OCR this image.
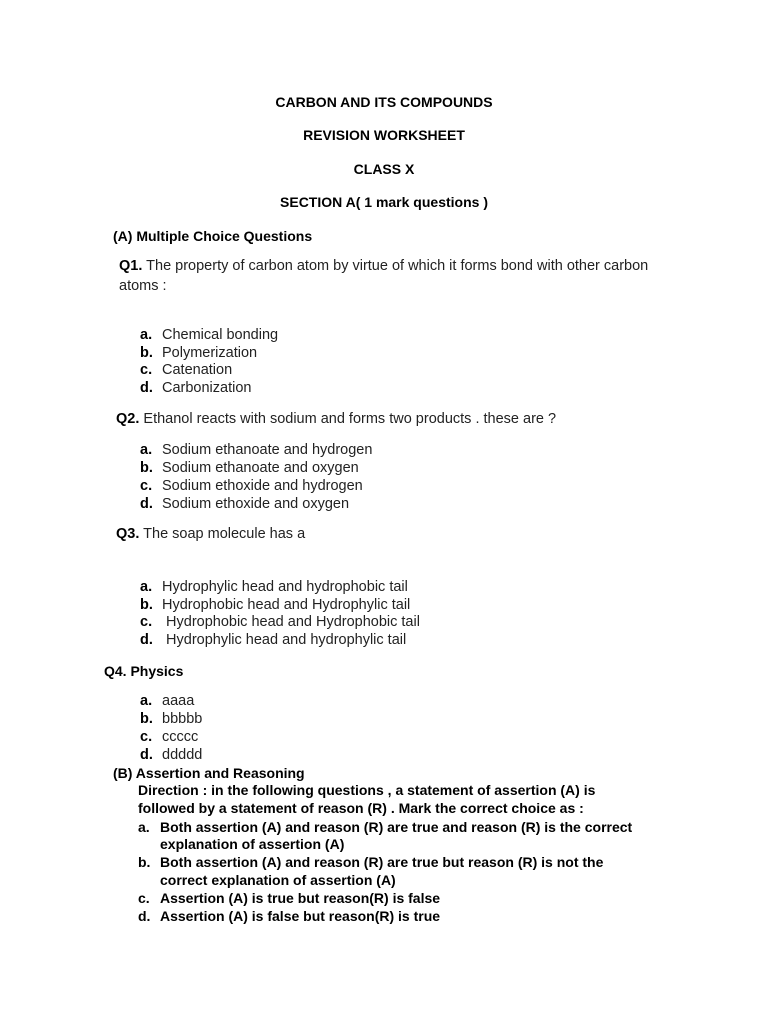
CARBON AND ITS COMPOUNDS
REVISION WORKSHEET
CLASS X
SECTION A( 1 mark questions )
(A) Multiple Choice Questions
Q1. The property of carbon atom by virtue of which it forms bond with other carbon
atoms :
a. Chemical bonding
b. Polymerization
c. Catenation
d. Carbonization
Q2. Ethanol reacts with sodium and forms two products . these are ?
a. Sodium ethanoate and hydrogen
b. Sodium ethanoate and oxygen
c. Sodium ethoxide and hydrogen
d. Sodium ethoxide and oxygen
Q3. The soap molecule has a
a. Hydrophylic head and hydrophobic tail
b. Hydrophobic head and Hydrophylic tail
c. Hydrophobic head and Hydrophobic tail
d. Hydrophylic head and hydrophylic tail
Q4. Physics
a. aaaa
b. bbbbb
c. ccccc
d. ddddd
(B) Assertion and Reasoning
Direction : in the following questions , a statement of assertion (A) is
followed by a statement of reason (R) . Mark the correct choice as :
a. Both assertion (A) and reason (R) are true and reason (R) is the correct
explanation of assertion (A)
b. Both assertion (A) and reason (R) are true but reason (R) is not the
correct explanation of assertion (A)
c. Assertion (A) is true but reason(R) is false
d. Assertion (A) is false but reason(R) is true
